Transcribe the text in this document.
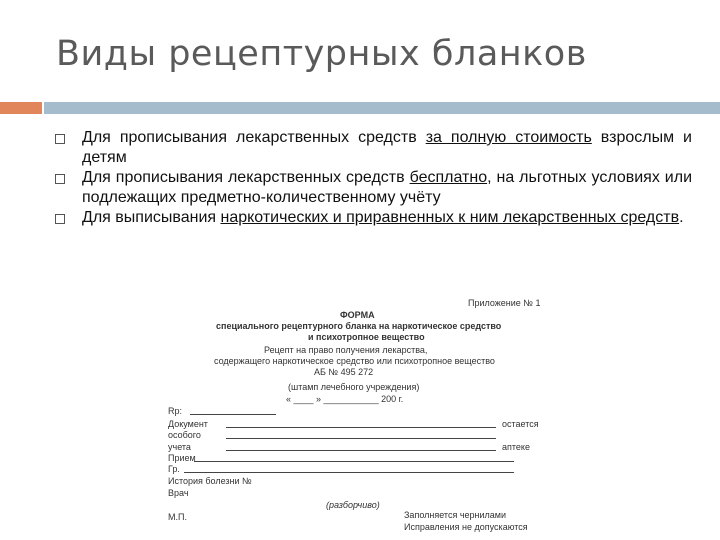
Виды рецептурных бланков

Для прописывания лекарственных средств за полную стоимость взрослым и детям

Для прописывания лекарственных средств бесплатно, на льготных условиях или подлежащих предметно-количественному учёту

Для выписывания наркотических и приравненных к ним лекарственных средств.

Приложение № 1
ФОРМА
специального рецептурного бланка на наркотическое средство
и психотропное вещество
Рецепт на право получения лекарства,
содержащего наркотическое средство или психотропное вещество
АБ № 495 272
(штамп лечебного учреждения)
« ____ » ___________ 200 г.
Rp:
Документ	остается
особого
учета	аптеке
Прием
Гр.
История болезни №
Врач
(разборчиво)
Заполняется чернилами
М.П.
Исправления не допускаются
